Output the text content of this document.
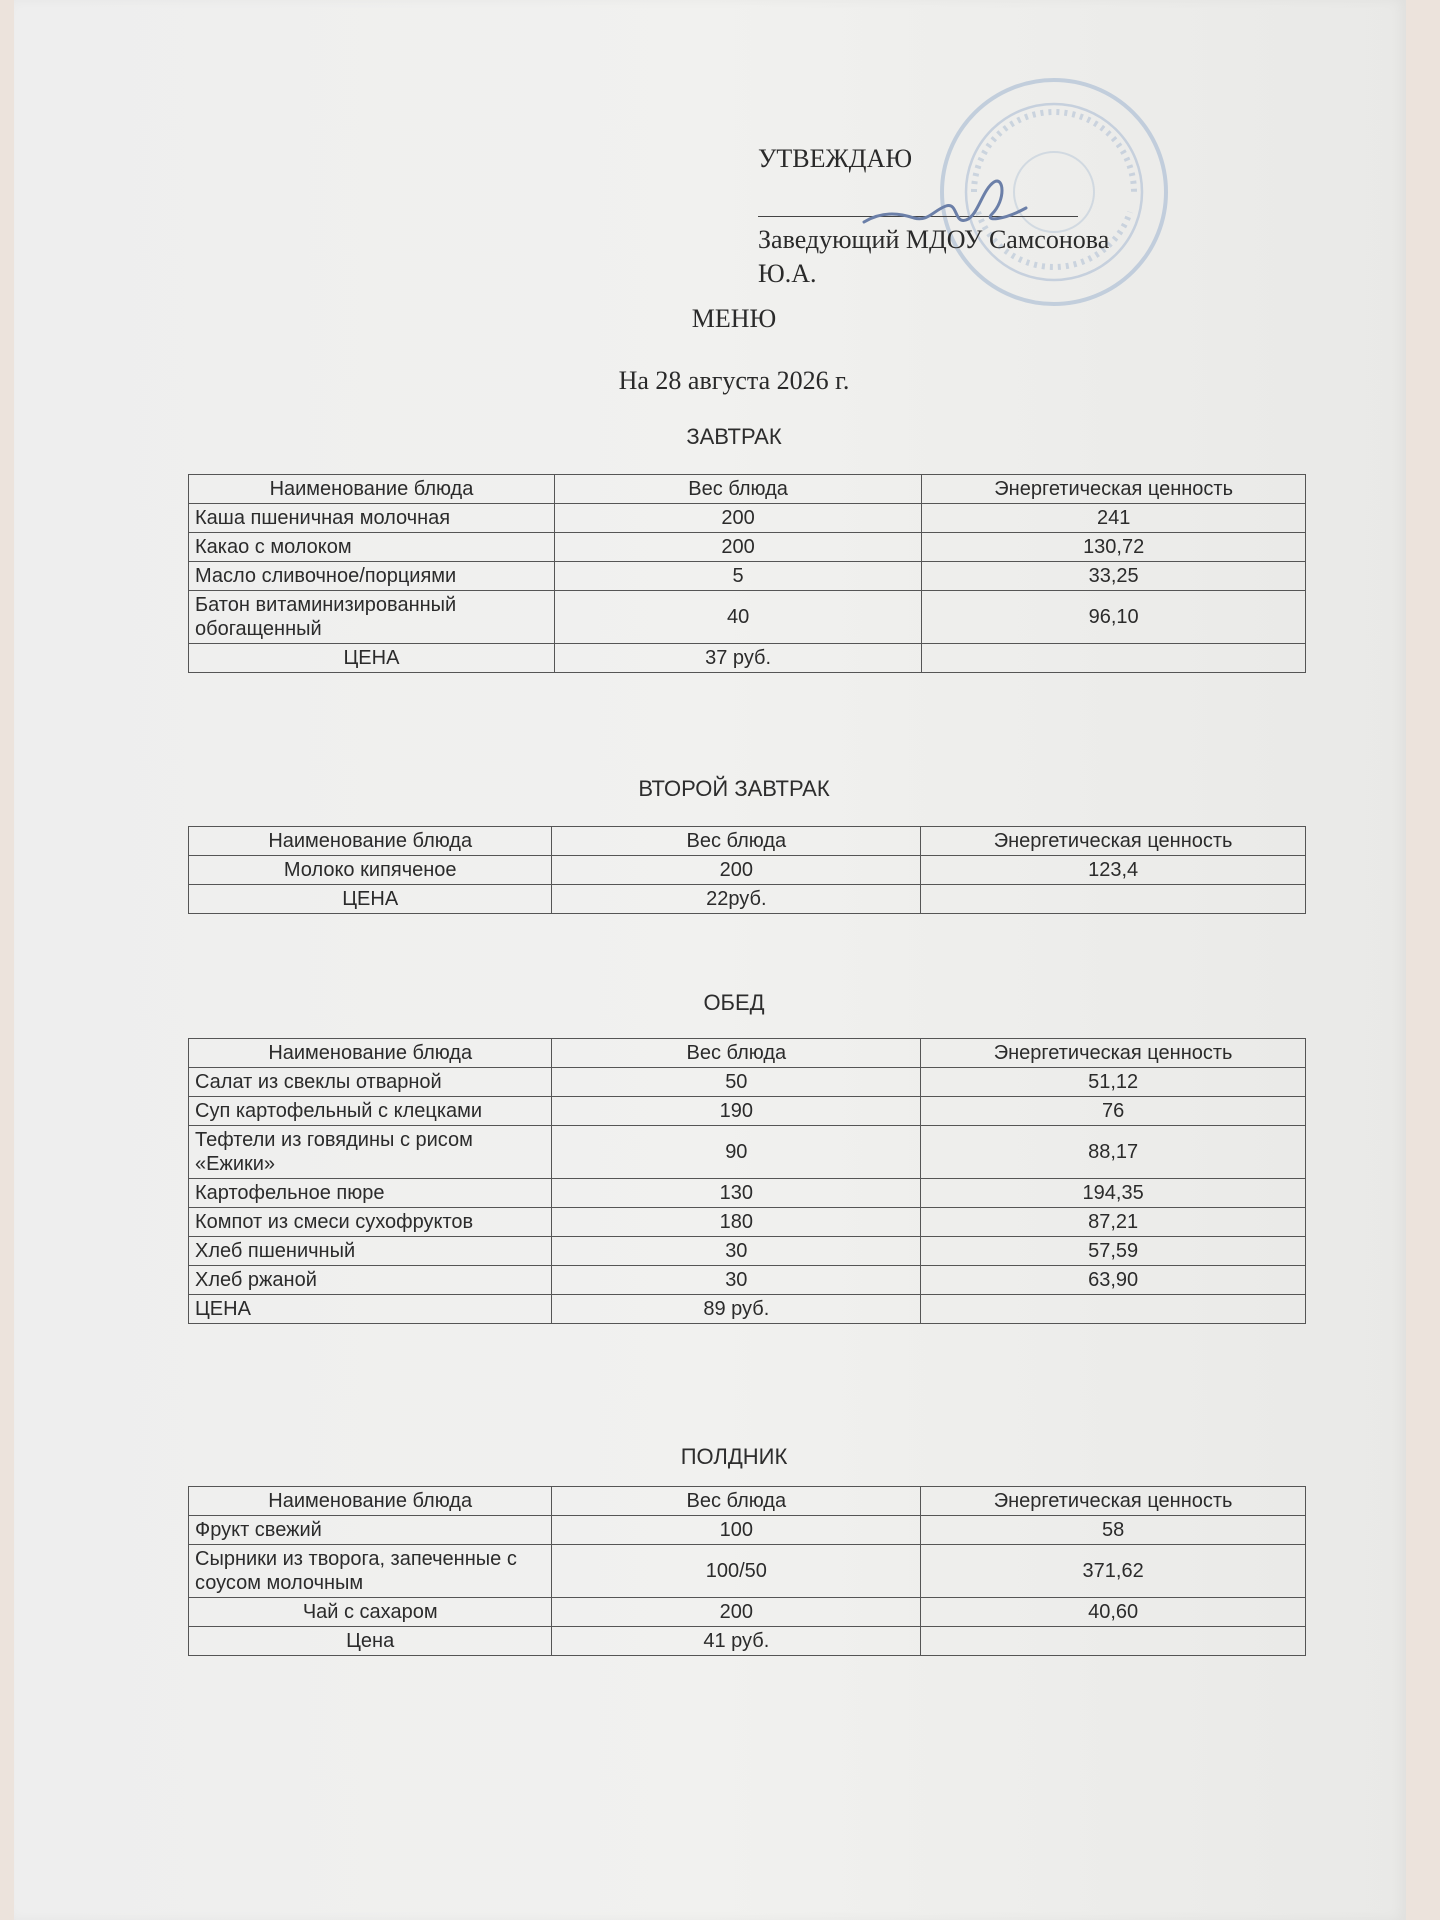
УТВЕЖДАЮ
Заведующий МДОУ Самсонова
Ю.А.
МЕНЮ
На 28 августа 2026 г.
ЗАВТРАК
Наименование блюда	Вес блюда	Энергетическая ценность
Каша пшеничная молочная	200	241
Какао с молоком	200	130,72
Масло сливочное/порциями	5	33,25
Батон витаминизированный обогащенный	40	96,10
ЦЕНА	37 руб.	
ВТОРОЙ ЗАВТРАК
Наименование блюда	Вес блюда	Энергетическая ценность
Молоко кипяченое	200	123,4
ЦЕНА	22руб.	
ОБЕД
Наименование блюда	Вес блюда	Энергетическая ценность
Салат из свеклы отварной	50	51,12
Суп картофельный с клецками	190	76
Тефтели из говядины с рисом «Ежики»	90	88,17
Картофельное пюре	130	194,35
Компот из смеси сухофруктов	180	87,21
Хлеб пшеничный	30	57,59
Хлеб ржаной	30	63,90
ЦЕНА	89 руб.	
ПОЛДНИК
Наименование блюда	Вес блюда	Энергетическая ценность
Фрукт свежий	100	58
Сырники из творога, запеченные с соусом молочным	100/50	371,62
Чай с сахаром	200	40,60
Цена	41 руб.	
